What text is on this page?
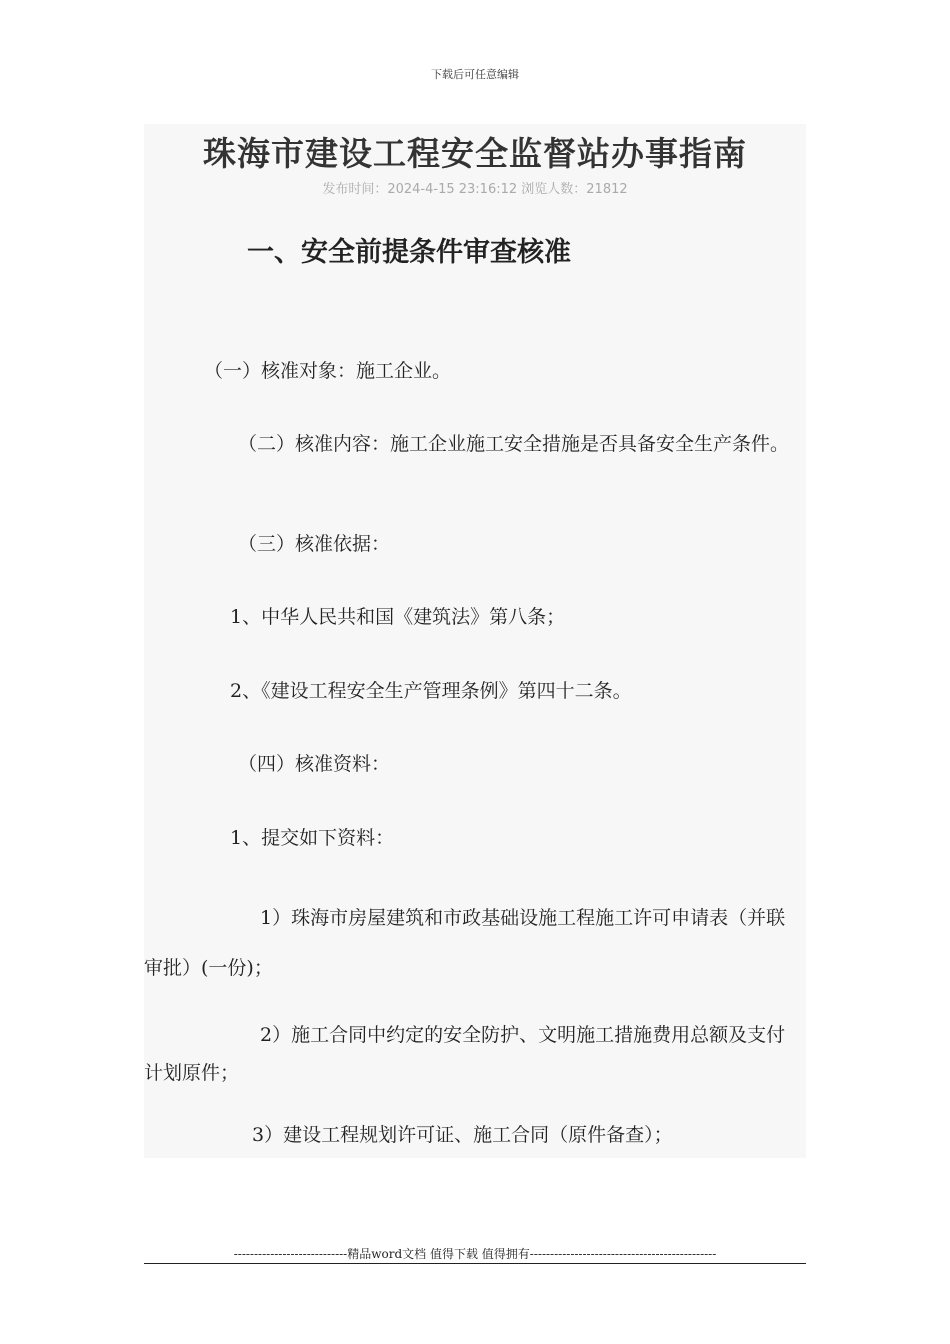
下载后可任意编辑
珠海市建设工程安全监督站办事指南
发布时间：2024-4-15 23:16:12 浏览人数：21812
一、安全前提条件审查核准
（一）核准对象：施工企业。
（二）核准内容：施工企业施工安全措施是否具备安全生产条件。
（三）核准依据：
1、中华人民共和国《建筑法》第八条；
2、《建设工程安全生产管理条例》第四十二条。
（四）核准资料：
1、提交如下资料：
1）珠海市房屋建筑和市政基础设施工程施工许可申请表（并联审批）(一份)；
2）施工合同中约定的安全防护、文明施工措施费用总额及支付计划原件；
3）建设工程规划许可证、施工合同（原件备查）；
----------------------------精品word文档 值得下载 值得拥有----------------------------------------------
